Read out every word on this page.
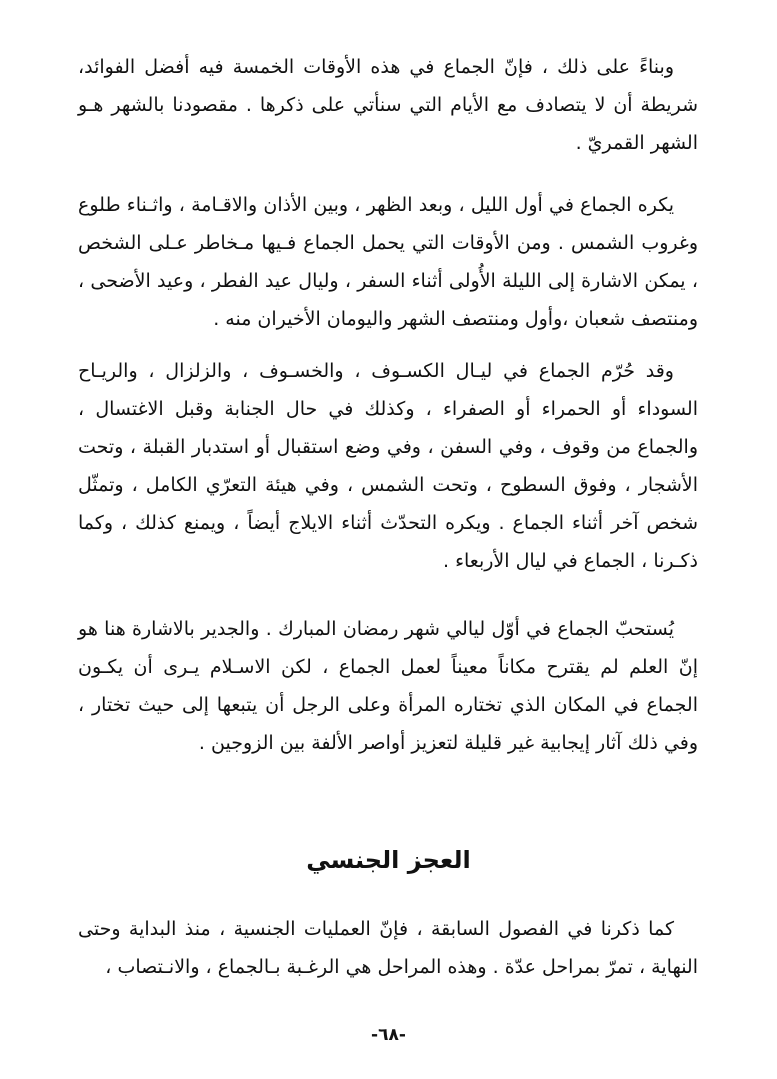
وبناءً على ذلك ، فإنّ الجماع في هذه الأوقات الخمسة فيه أفضل الفوائد، شريطة أن لا يتصادف مع الأيام التي سنأتي على ذكرها . مقصودنا بالشهر هـو الشهر القمريّ .

يكره الجماع في أول الليل ، وبعد الظهر ، وبين الأذان والاقـامة ، واثـناء طلوع وغروب الشمس . ومن الأوقات التي يحمل الجماع فـيها مـخاطر عـلى الشخص ، يمكن الاشارة إلى الليلة الأُولى أثناء السفر ، وليال عيد الفطر ، وعيد الأضحى ، ومنتصف شعبان ،وأول ومنتصف الشهر واليومان الأخيران منه .

وقد حُرّم الجماع في ليـال الكسـوف ، والخسـوف ، والزلزال ، والريـاح السوداء أو الحمراء أو الصفراء ، وكذلك في حال الجنابة وقبل الاغتسال ، والجماع من وقوف ، وفي السفن ، وفي وضع استقبال أو استدبار القبلة ، وتحت الأشجار ، وفوق السطوح ، وتحت الشمس ، وفي هيئة التعرّي الكامل ، وتمثّل شخص آخر أثناء الجماع . ويكره التحدّث أثناء الايلاج أيضاً ، ويمنع كذلك ، وكما ذكـرنا ، الجماع في ليال الأربعاء .

يُستحبّ الجماع في أوّل ليالي شهر رمضان المبارك . والجدير بالاشارة هنا هو إنّ العلم لم يقترح مكاناً معيناً لعمل الجماع ، لكن الاسـلام يـرى أن يكـون الجماع في المكان الذي تختاره المرأة وعلى الرجل أن يتبعها إلى حيث تختار ، وفي ذلك آثار إيجابية غير قليلة لتعزيز أواصر الألفة بين الزوجين .

العجز الجنسي

كما ذكرنا في الفصول السابقة ، فإنّ العمليات الجنسية ، منذ البداية وحتى النهاية ، تمرّ بمراحل عدّة . وهذه المراحل هي الرغـبة بـالجماع ، والانـتصاب ،

-٦٨-
